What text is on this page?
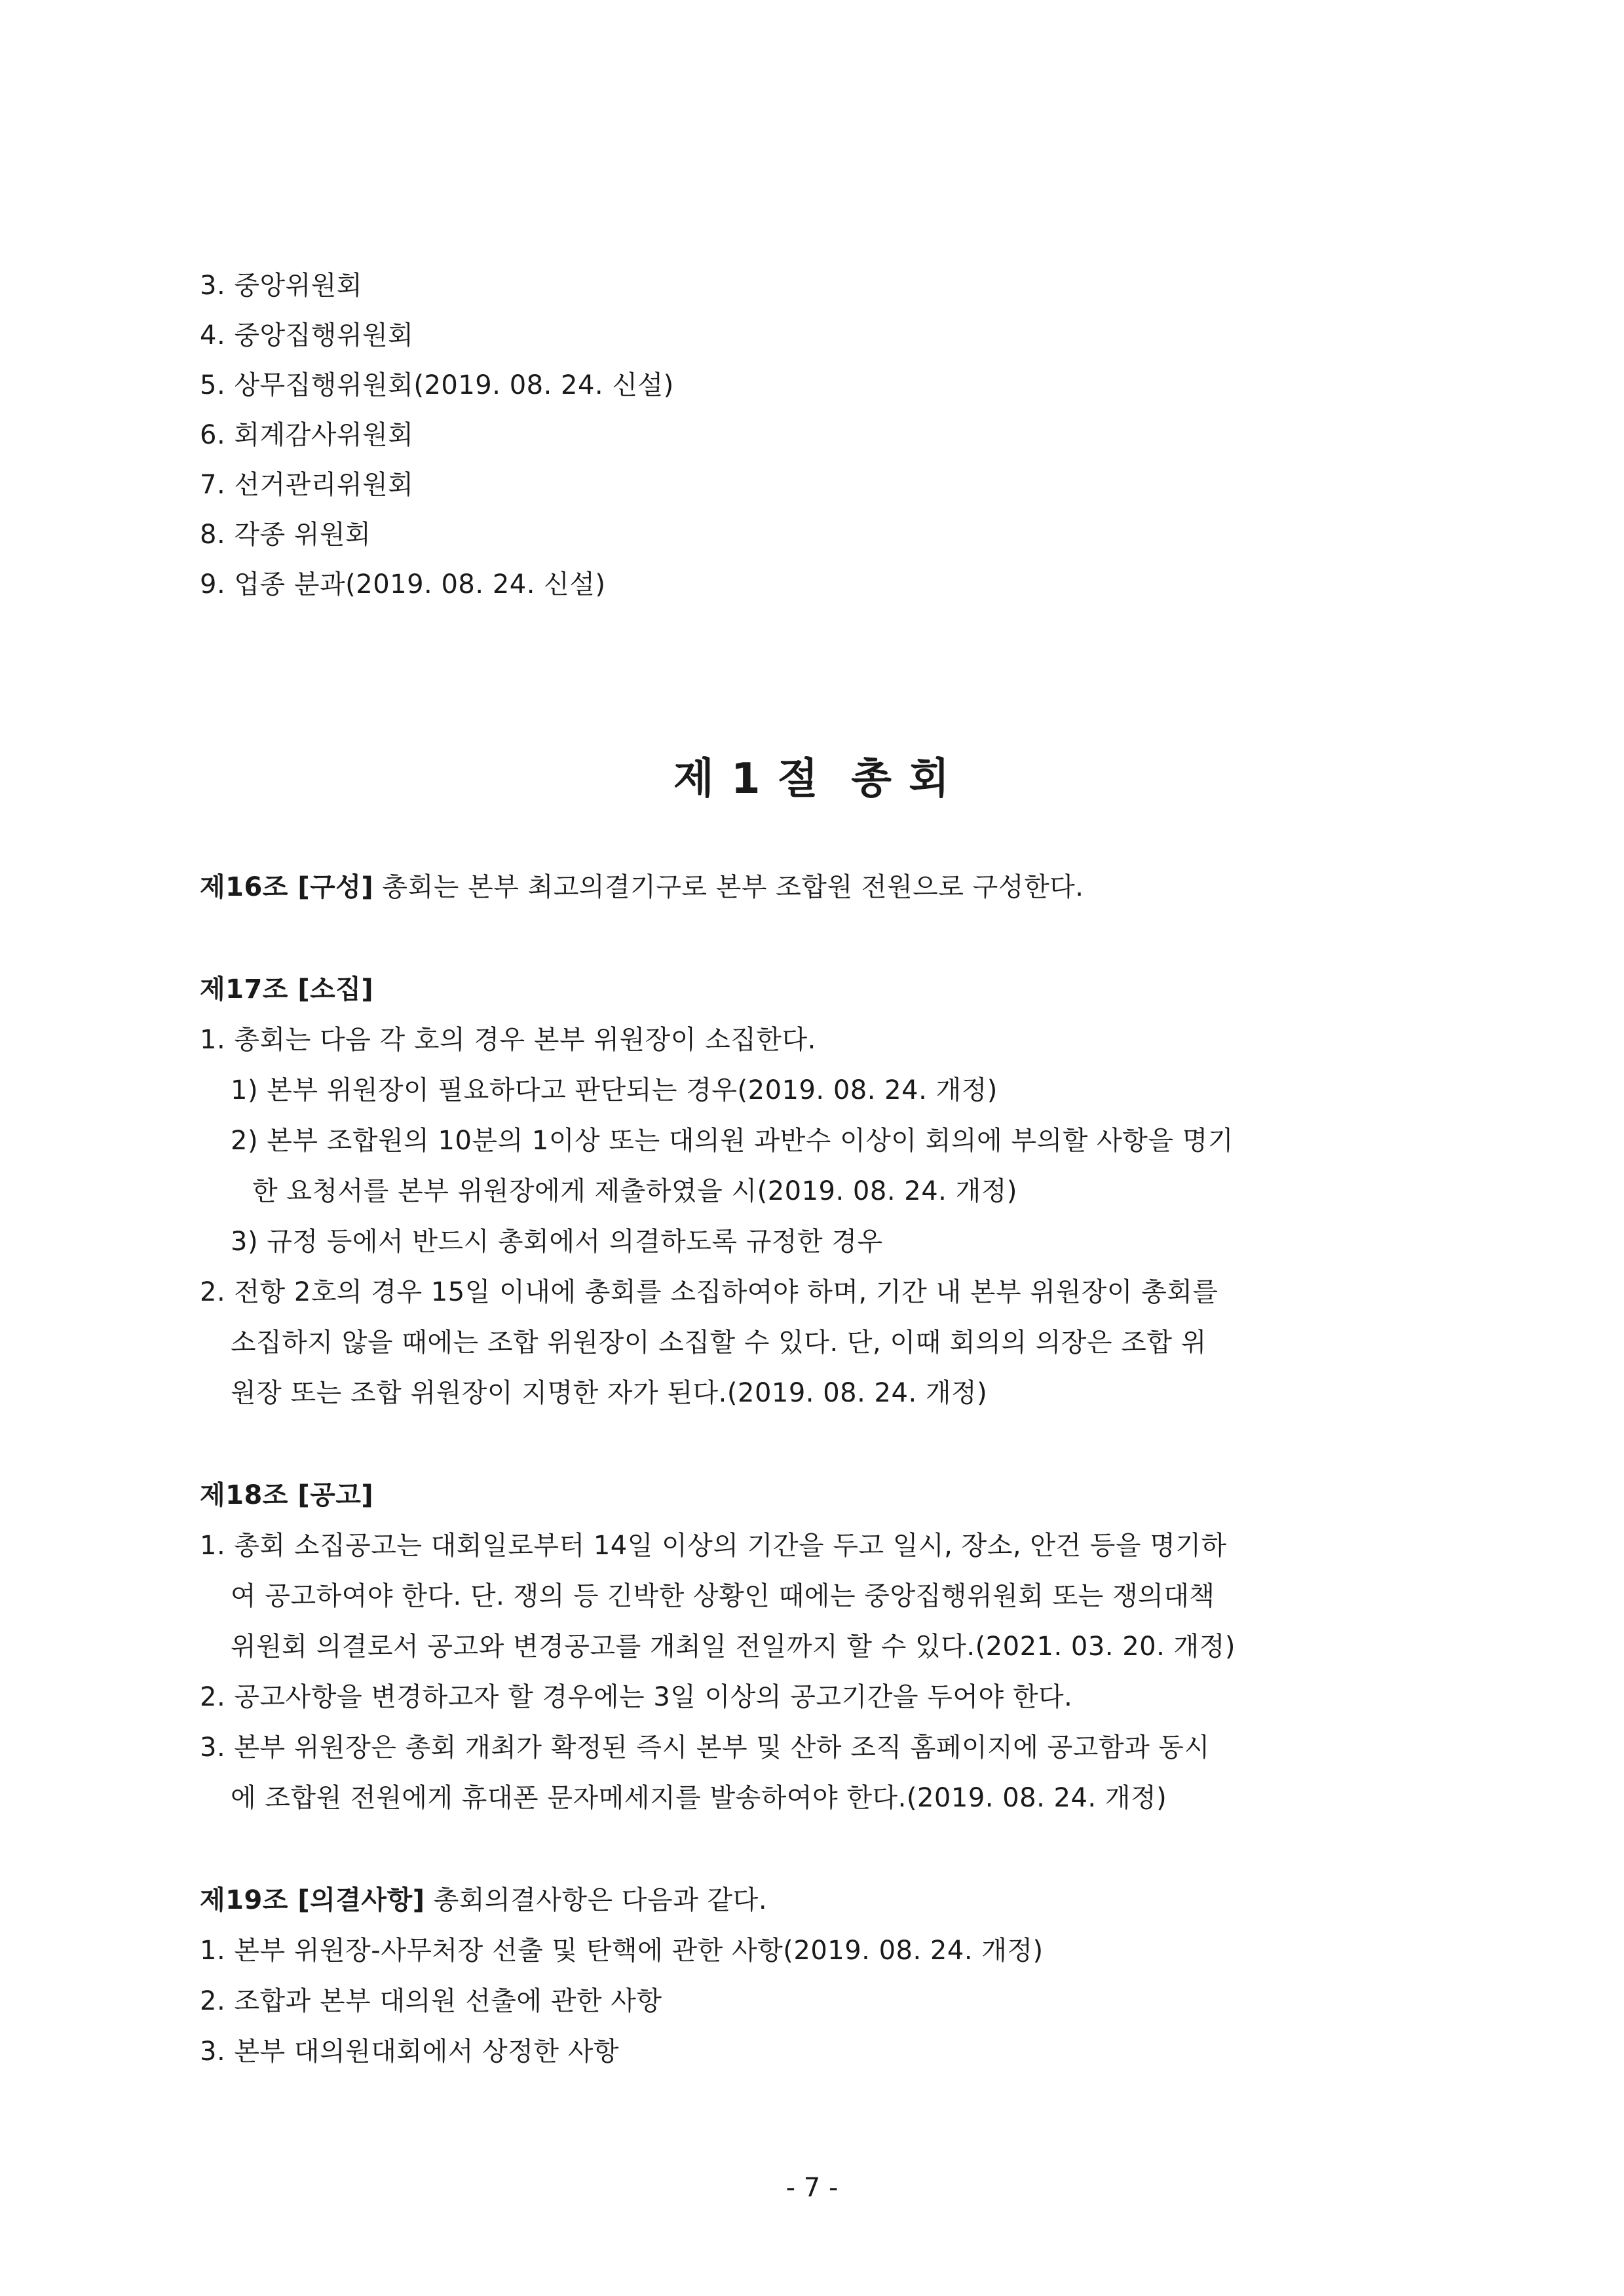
3. 중앙위원회
4. 중앙집행위원회
5. 상무집행위원회(2019. 08. 24. 신설)
6. 회계감사위원회
7. 선거관리위원회
8. 각종 위원회
9. 업종 분과(2019. 08. 24. 신설)
제 1 절  총 회
제16조 [구성] 총회는 본부 최고의결기구로 본부 조합원 전원으로 구성한다.
제17조 [소집]
1. 총회는 다음 각 호의 경우 본부 위원장이 소집한다.
1) 본부 위원장이 필요하다고 판단되는 경우(2019. 08. 24. 개정)
2) 본부 조합원의 10분의 1이상 또는 대의원 과반수 이상이 회의에 부의할 사항을 명기
한 요청서를 본부 위원장에게 제출하였을 시(2019. 08. 24. 개정)
3) 규정 등에서 반드시 총회에서 의결하도록 규정한 경우
2. 전항 2호의 경우 15일 이내에 총회를 소집하여야 하며, 기간 내 본부 위원장이 총회를
소집하지 않을 때에는 조합 위원장이 소집할 수 있다. 단, 이때 회의의 의장은 조합 위
원장 또는 조합 위원장이 지명한 자가 된다.(2019. 08. 24. 개정)
제18조 [공고]
1. 총회 소집공고는 대회일로부터 14일 이상의 기간을 두고 일시, 장소, 안건 등을 명기하
여 공고하여야 한다. 단. 쟁의 등 긴박한 상황인 때에는 중앙집행위원회 또는 쟁의대책
위원회 의결로서 공고와 변경공고를 개최일 전일까지 할 수 있다.(2021. 03. 20. 개정)
2. 공고사항을 변경하고자 할 경우에는 3일 이상의 공고기간을 두어야 한다.
3. 본부 위원장은 총회 개최가 확정된 즉시 본부 및 산하 조직 홈페이지에 공고함과 동시
에 조합원 전원에게 휴대폰 문자메세지를 발송하여야 한다.(2019. 08. 24. 개정)
제19조 [의결사항] 총회의결사항은 다음과 같다.
1. 본부 위원장-사무처장 선출 및 탄핵에 관한 사항(2019. 08. 24. 개정)
2. 조합과 본부 대의원 선출에 관한 사항
3. 본부 대의원대회에서 상정한 사항
- 7 -
